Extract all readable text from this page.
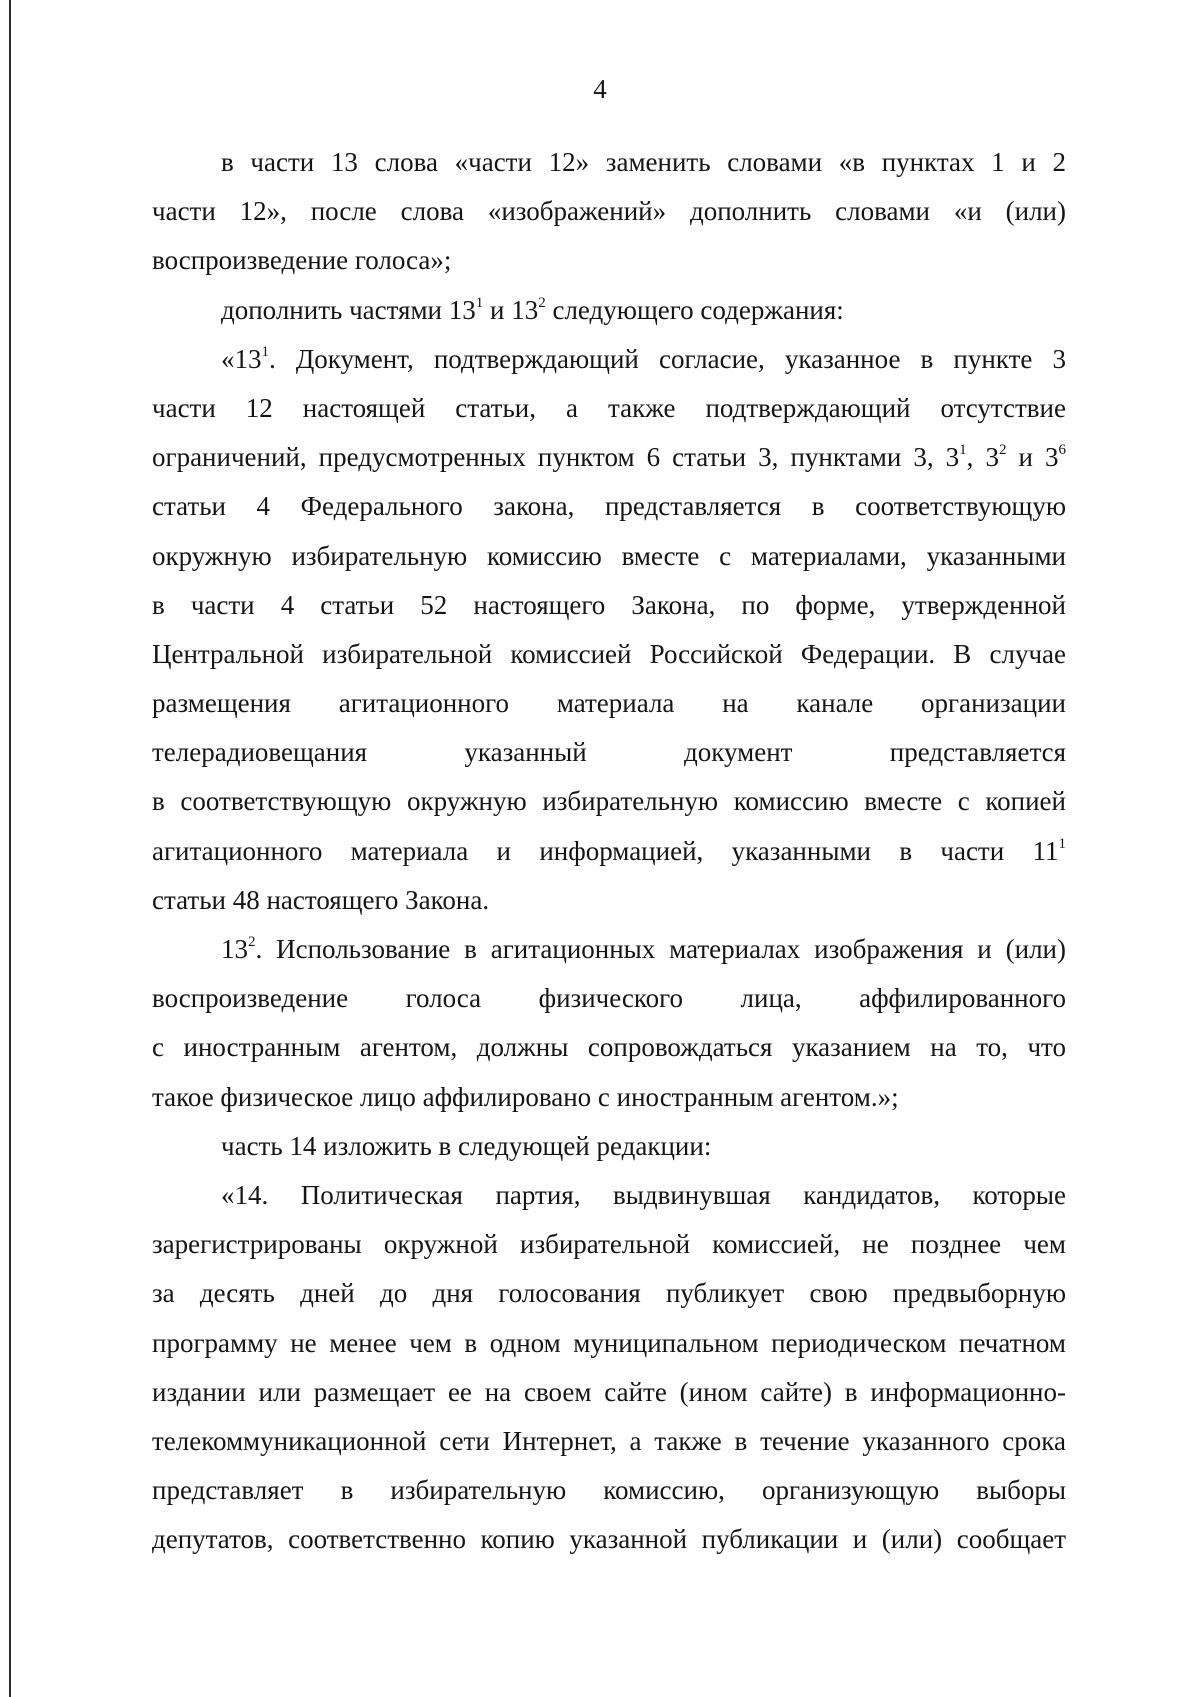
4
в части 13 слова «части 12» заменить словами «в пунктах 1 и 2
части 12», после слова «изображений» дополнить словами «и (или)
воспроизведение голоса»;
дополнить частями $13^1$ и $13^2$ следующего содержания:
«$13^1$. Документ, подтверждающий согласие, указанное в пункте 3
части 12 настоящей статьи, а также подтверждающий отсутствие
ограничений, предусмотренных пунктом 6 статьи 3, пунктами 3, $3^1$, $3^2$ и $3^6$
статьи 4 Федерального закона, представляется в соответствующую
окружную избирательную комиссию вместе с материалами, указанными
в части 4 статьи 52 настоящего Закона, по форме, утвержденной
Центральной избирательной комиссией Российской Федерации. В случае
размещения агитационного материала на канале организации
телерадиовещания указанный документ представляется
в соответствующую окружную избирательную комиссию вместе с копией
агитационного материала и информацией, указанными в части $11^1$
статьи 48 настоящего Закона.
$13^2$. Использование в агитационных материалах изображения и (или)
воспроизведение голоса физического лица, аффилированного
с иностранным агентом, должны сопровождаться указанием на то, что
такое физическое лицо аффилировано с иностранным агентом.»;
часть 14 изложить в следующей редакции:
«14. Политическая партия, выдвинувшая кандидатов, которые
зарегистрированы окружной избирательной комиссией, не позднее чем
за десять дней до дня голосования публикует свою предвыборную
программу не менее чем в одном муниципальном периодическом печатном
издании или размещает ее на своем сайте (ином сайте) в информационно-
телекоммуникационной сети Интернет, а также в течение указанного срока
представляет в избирательную комиссию, организующую выборы
депутатов, соответственно копию указанной публикации и (или) сообщает
